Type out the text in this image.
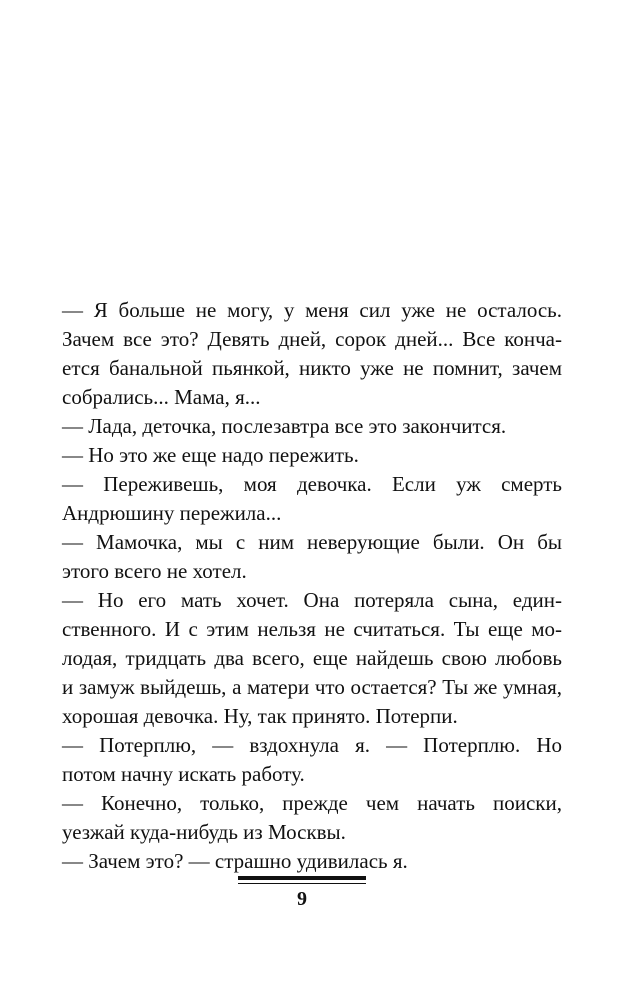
— Я больше не могу, у меня сил уже не осталось.
Зачем все это? Девять дней, сорок дней... Все конча-
ется банальной пьянкой, никто уже не помнит, зачем
собрались... Мама, я...
— Лада, деточка, послезавтра все это закончится.
— Но это же еще надо пережить.
— Переживешь, моя девочка. Если уж смерть
Андрюшину пережила...
— Мамочка, мы с ним неверующие были. Он бы
этого всего не хотел.
— Но его мать хочет. Она потеряла сына, един-
ственного. И с этим нельзя не считаться. Ты еще мо-
лодая, тридцать два всего, еще найдешь свою любовь
и замуж выйдешь, а матери что остается? Ты же умная,
хорошая девочка. Ну, так принято. Потерпи.
— Потерплю, — вздохнула я. — Потерплю. Но
потом начну искать работу.
— Конечно, только, прежде чем начать поиски,
уезжай куда-нибудь из Москвы.
— Зачем это? — страшно удивилась я.
9
